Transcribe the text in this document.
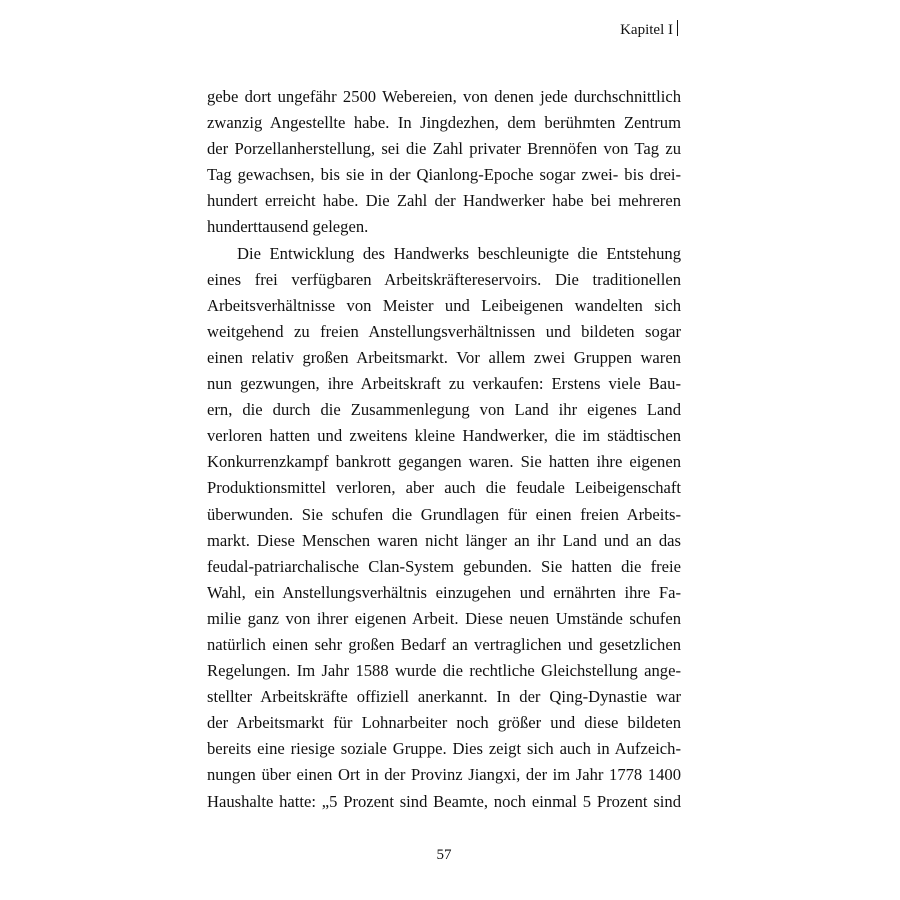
Kapitel I
gebe dort ungefähr 2500 Webereien, von denen jede durchschnittlich
zwanzig Angestellte habe. In Jingdezhen, dem berühmten Zentrum
der Porzellanherstellung, sei die Zahl privater Brennöfen von Tag zu
Tag gewachsen, bis sie in der Qianlong-Epoche sogar zwei- bis drei-
hundert erreicht habe. Die Zahl der Handwerker habe bei mehreren
hunderttausend gelegen.
Die Entwicklung des Handwerks beschleunigte die Entstehung
eines frei verfügbaren Arbeitskräftereservoirs. Die traditionellen
Arbeitsverhältnisse von Meister und Leibeigenen wandelten sich
weitgehend zu freien Anstellungsverhältnissen und bildeten sogar
einen relativ großen Arbeitsmarkt. Vor allem zwei Gruppen waren
nun gezwungen, ihre Arbeitskraft zu verkaufen: Erstens viele Bau-
ern, die durch die Zusammenlegung von Land ihr eigenes Land
verloren hatten und zweitens kleine Handwerker, die im städtischen
Konkurrenzkampf bankrott gegangen waren. Sie hatten ihre eigenen
Produktionsmittel verloren, aber auch die feudale Leibeigenschaft
überwunden. Sie schufen die Grundlagen für einen freien Arbeits-
markt. Diese Menschen waren nicht länger an ihr Land und an das
feudal-patriarchalische Clan-System gebunden. Sie hatten die freie
Wahl, ein Anstellungsverhältnis einzugehen und ernährten ihre Fa-
milie ganz von ihrer eigenen Arbeit. Diese neuen Umstände schufen
natürlich einen sehr großen Bedarf an vertraglichen und gesetzlichen
Regelungen. Im Jahr 1588 wurde die rechtliche Gleichstellung ange-
stellter Arbeitskräfte offiziell anerkannt. In der Qing-Dynastie war
der Arbeitsmarkt für Lohnarbeiter noch größer und diese bildeten
bereits eine riesige soziale Gruppe. Dies zeigt sich auch in Aufzeich-
nungen über einen Ort in der Provinz Jiangxi, der im Jahr 1778 1400
Haushalte hatte: „5 Prozent sind Beamte, noch einmal 5 Prozent sind
57
